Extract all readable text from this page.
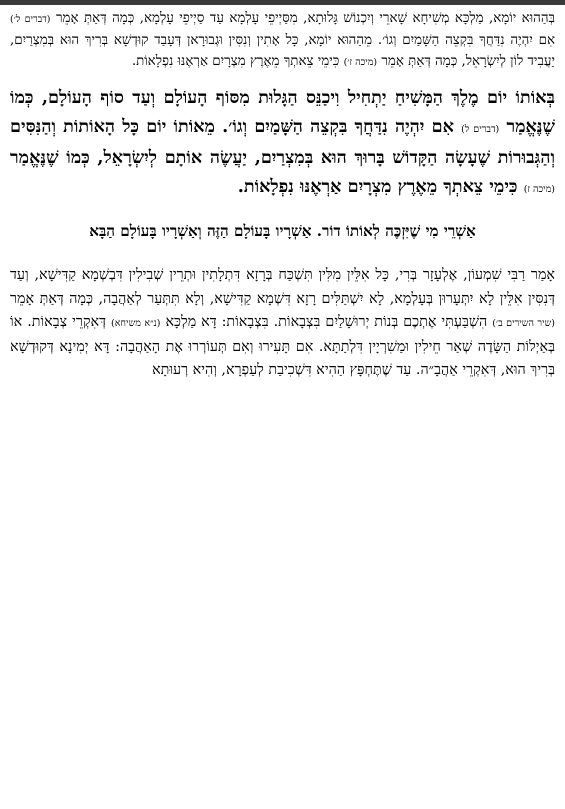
בְּהַהוּא יוֹמָא, מַלְכָּא מְשִׁיחָא שָׁארֵי וְיִכְנוֹשׁ גָּלוּתָא, מִסַּיְיפֵי עָלְמָא עַד סַיְיפֵי עָלְמָא, כְּמָה דְּאַתְּ אָמֵר (דברים ל׳) אִם יִהְיֶה נִדַּחֲךָ בִּקְצֵה הַשָּׁמַיִם וְגוֹ׳. מֵהַהוּא יוֹמָא, כָּל אָתִין וְנִסִּין וּגְבוּרָאן דְּעָבַד קוּדְשָׁא בְּרִיךְ הוּא בְּמִצְרַיִם, יַעֲבִיד לוֹן לְיִשְׂרָאֵל, כְּמָה דְּאַתְּ אָמֵר (מיכה ז׳) כִּימֵי צֵאתְךָ מֵאֶרֶץ מִצְרָיִם אַרְאֶנּוּ נִפְלָאוֹת.

בְּאוֹתוֹ יוֹם מֶלֶךְ הַמָּשִׁיחַ יַתְחִיל וִיכַנֵּס הַגָּלוּת מִסּוֹף הָעוֹלָם וְעַד סוֹף הָעוֹלָם, כְּמוֹ שֶׁנֶּאֱמַר (דברים ל) אִם יִהְיֶה נִדַּחֲךָ בִּקְצֵה הַשָּׁמַיִם וְגוֹ׳. מֵאוֹתוֹ יוֹם כָּל הָאוֹתוֹת וְהַנִּסִּים וְהַגְּבוּרוֹת שֶׁעָשָׂה הַקָּדוֹשׁ בָּרוּךְ הוּא בְּמִצְרַיִם, יַעֲשֶׂה אוֹתָם לְיִשְׂרָאֵל, כְּמוֹ שֶׁנֶּאֱמַר (מיכה ז) כִּימֵי צֵאתְךָ מֵאֶרֶץ מִצְרָיִם אַרְאֶנּוּ נִפְלָאוֹת.

אַשְׁרֵי מִי שֶׁיִּזְכֶּה לְאוֹתוֹ דוֹר. אַשְׁרָיו בָּעוֹלָם הַזֶּה וְאַשְׁרָיו בָּעוֹלָם הַבָּא

אָמַר רַבִּי שִׁמְעוֹן, אֶלְעָזָר בְּרִי, כָּל אִלֵּין מִלִּין תִּשְׁכַּח בְּרָזָא דִּתְלָתִין וּתְרֵין שְׁבִילִין דִּבְשְׁמָא קַדִּישָׁא, וְעַד דְּנִסִּין אִלֵּין לָא יִתְּעָרוּן בְּעָלְמָא, לָא יִשְׁתַּלִּים רָזָא דִּשְׁמָא קַדִּישָׁא, וְלָא תִּתְּעַר לְאַהֲבָה, כְּמָה דְּאַתְּ אָמֵר (שיר השירים ב׳) הִשְׁבַּעְתִּי אֶתְכֶם בְּנוֹת יְרוּשָׁלַיִם בִּצְבָאוֹת. בִּצְבָאוֹת: דָּא מַלְכָּא (נ״א משיחא) דְּאִקְרֵי צְבָאוֹת. אוֹ בְּאַיְלוֹת הַשָּׂדֶה שְׁאַר חֵילִין וּמַשִׁרְיָין דִּלְתַתָּא. אִם תָּעִירוּ וְאִם תְּעוֹרְרוּ אֶת הָאַהֲבָה: דָּא יְמִינָא דְּקוּדְשָׁא בְּרִיךְ הוּא, דְּאִקְרֵי אַהֲבָ״ה. עַד שֶׁתֶּחְפָּץ הַהִיא דִּשְׁכִיבַת לְעַפְרָא, וְהִיא רְעוּתָא
